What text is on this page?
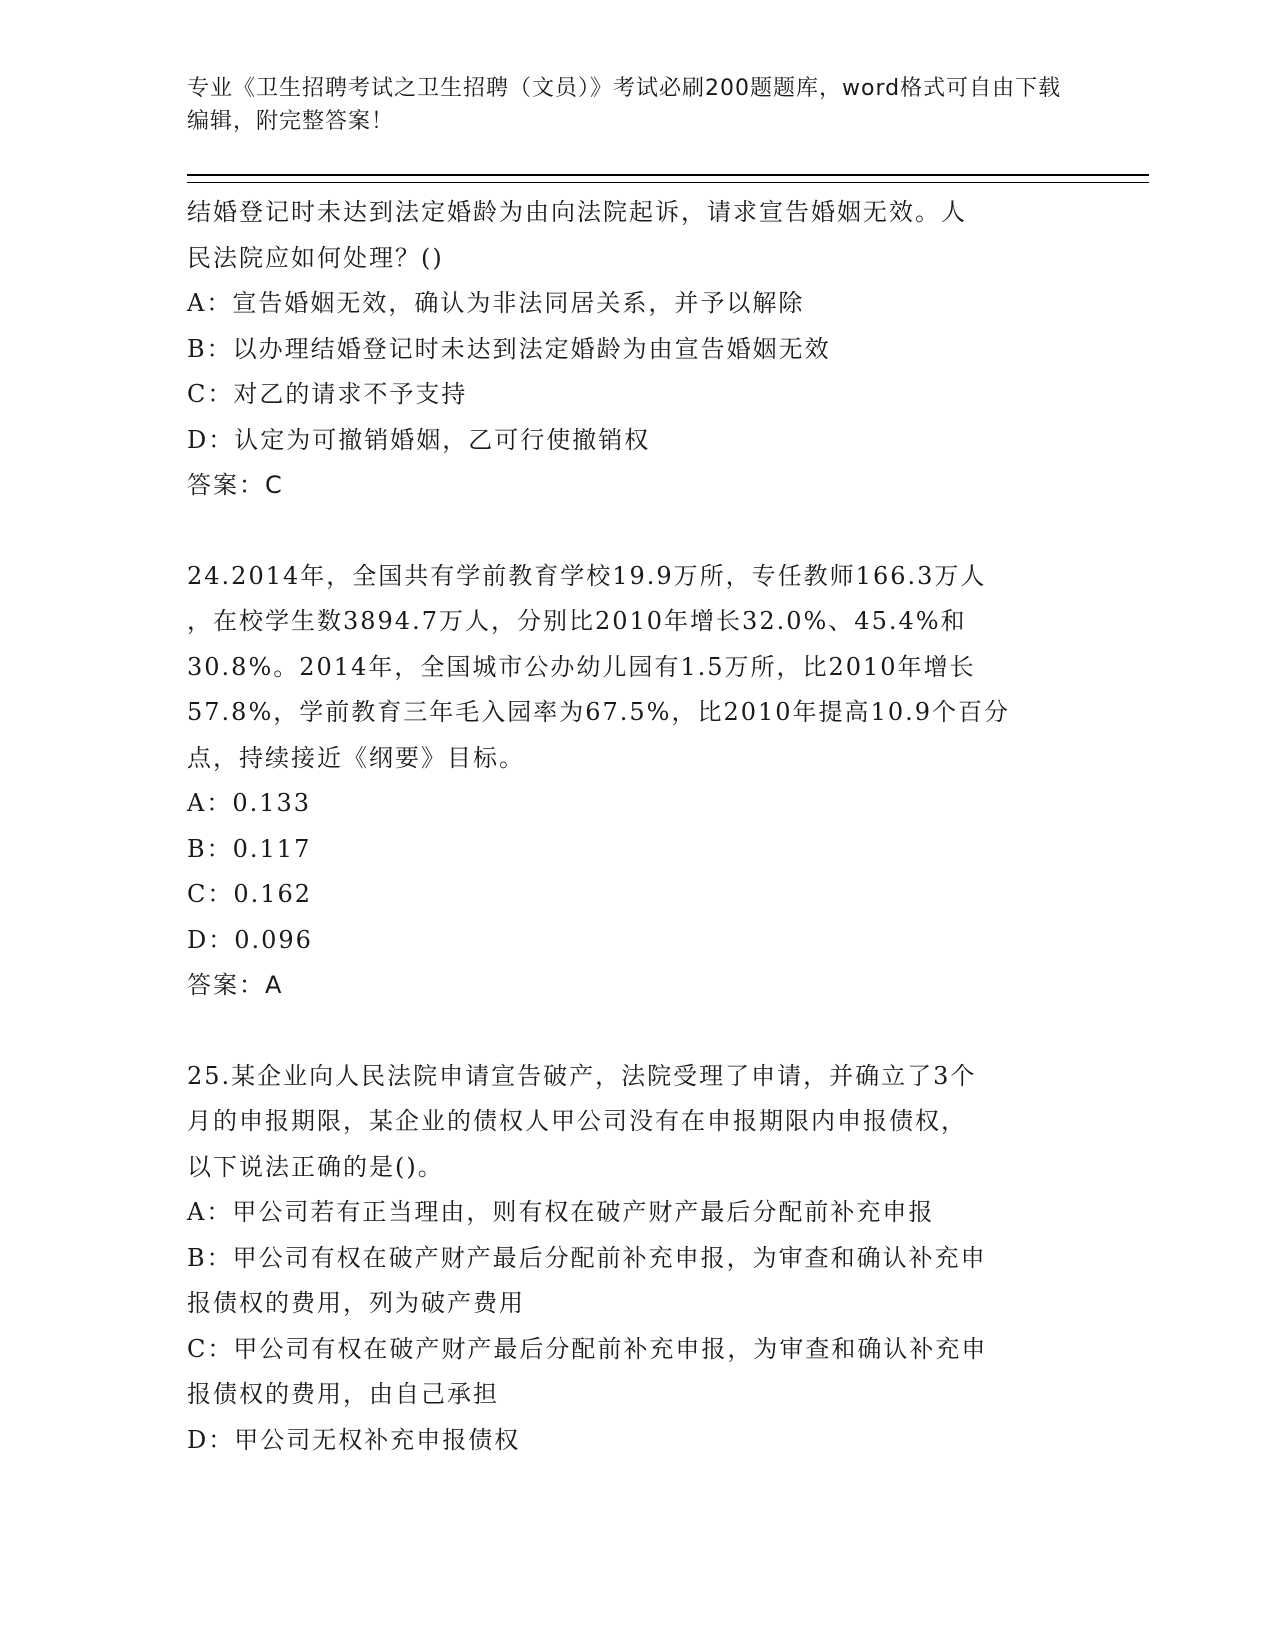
专业《卫生招聘考试之卫生招聘（文员）》考试必刷200题题库，word格式可自由下载编辑，附完整答案！

结婚登记时未达到法定婚龄为由向法院起诉，请求宣告婚姻无效。人

民法院应如何处理？()

A：宣告婚姻无效，确认为非法同居关系，并予以解除

B：以办理结婚登记时未达到法定婚龄为由宣告婚姻无效

C：对乙的请求不予支持

D：认定为可撤销婚姻，乙可行使撤销权

答案：C

24.2014年，全国共有学前教育学校19.9万所，专任教师166.3万人

，在校学生数3894.7万人，分别比2010年增长32.0%、45.4%和

30.8%。2014年，全国城市公办幼儿园有1.5万所，比2010年增长

57.8%，学前教育三年毛入园率为67.5%，比2010年提高10.9个百分

点，持续接近《纲要》目标。

A：0.133

B：0.117

C：0.162

D：0.096

答案：A

25.某企业向人民法院申请宣告破产，法院受理了申请，并确立了3个

月的申报期限，某企业的债权人甲公司没有在申报期限内申报债权，

以下说法正确的是()。

A：甲公司若有正当理由，则有权在破产财产最后分配前补充申报

B：甲公司有权在破产财产最后分配前补充申报，为审查和确认补充申

报债权的费用，列为破产费用

C：甲公司有权在破产财产最后分配前补充申报，为审查和确认补充申

报债权的费用，由自己承担

D：甲公司无权补充申报债权
